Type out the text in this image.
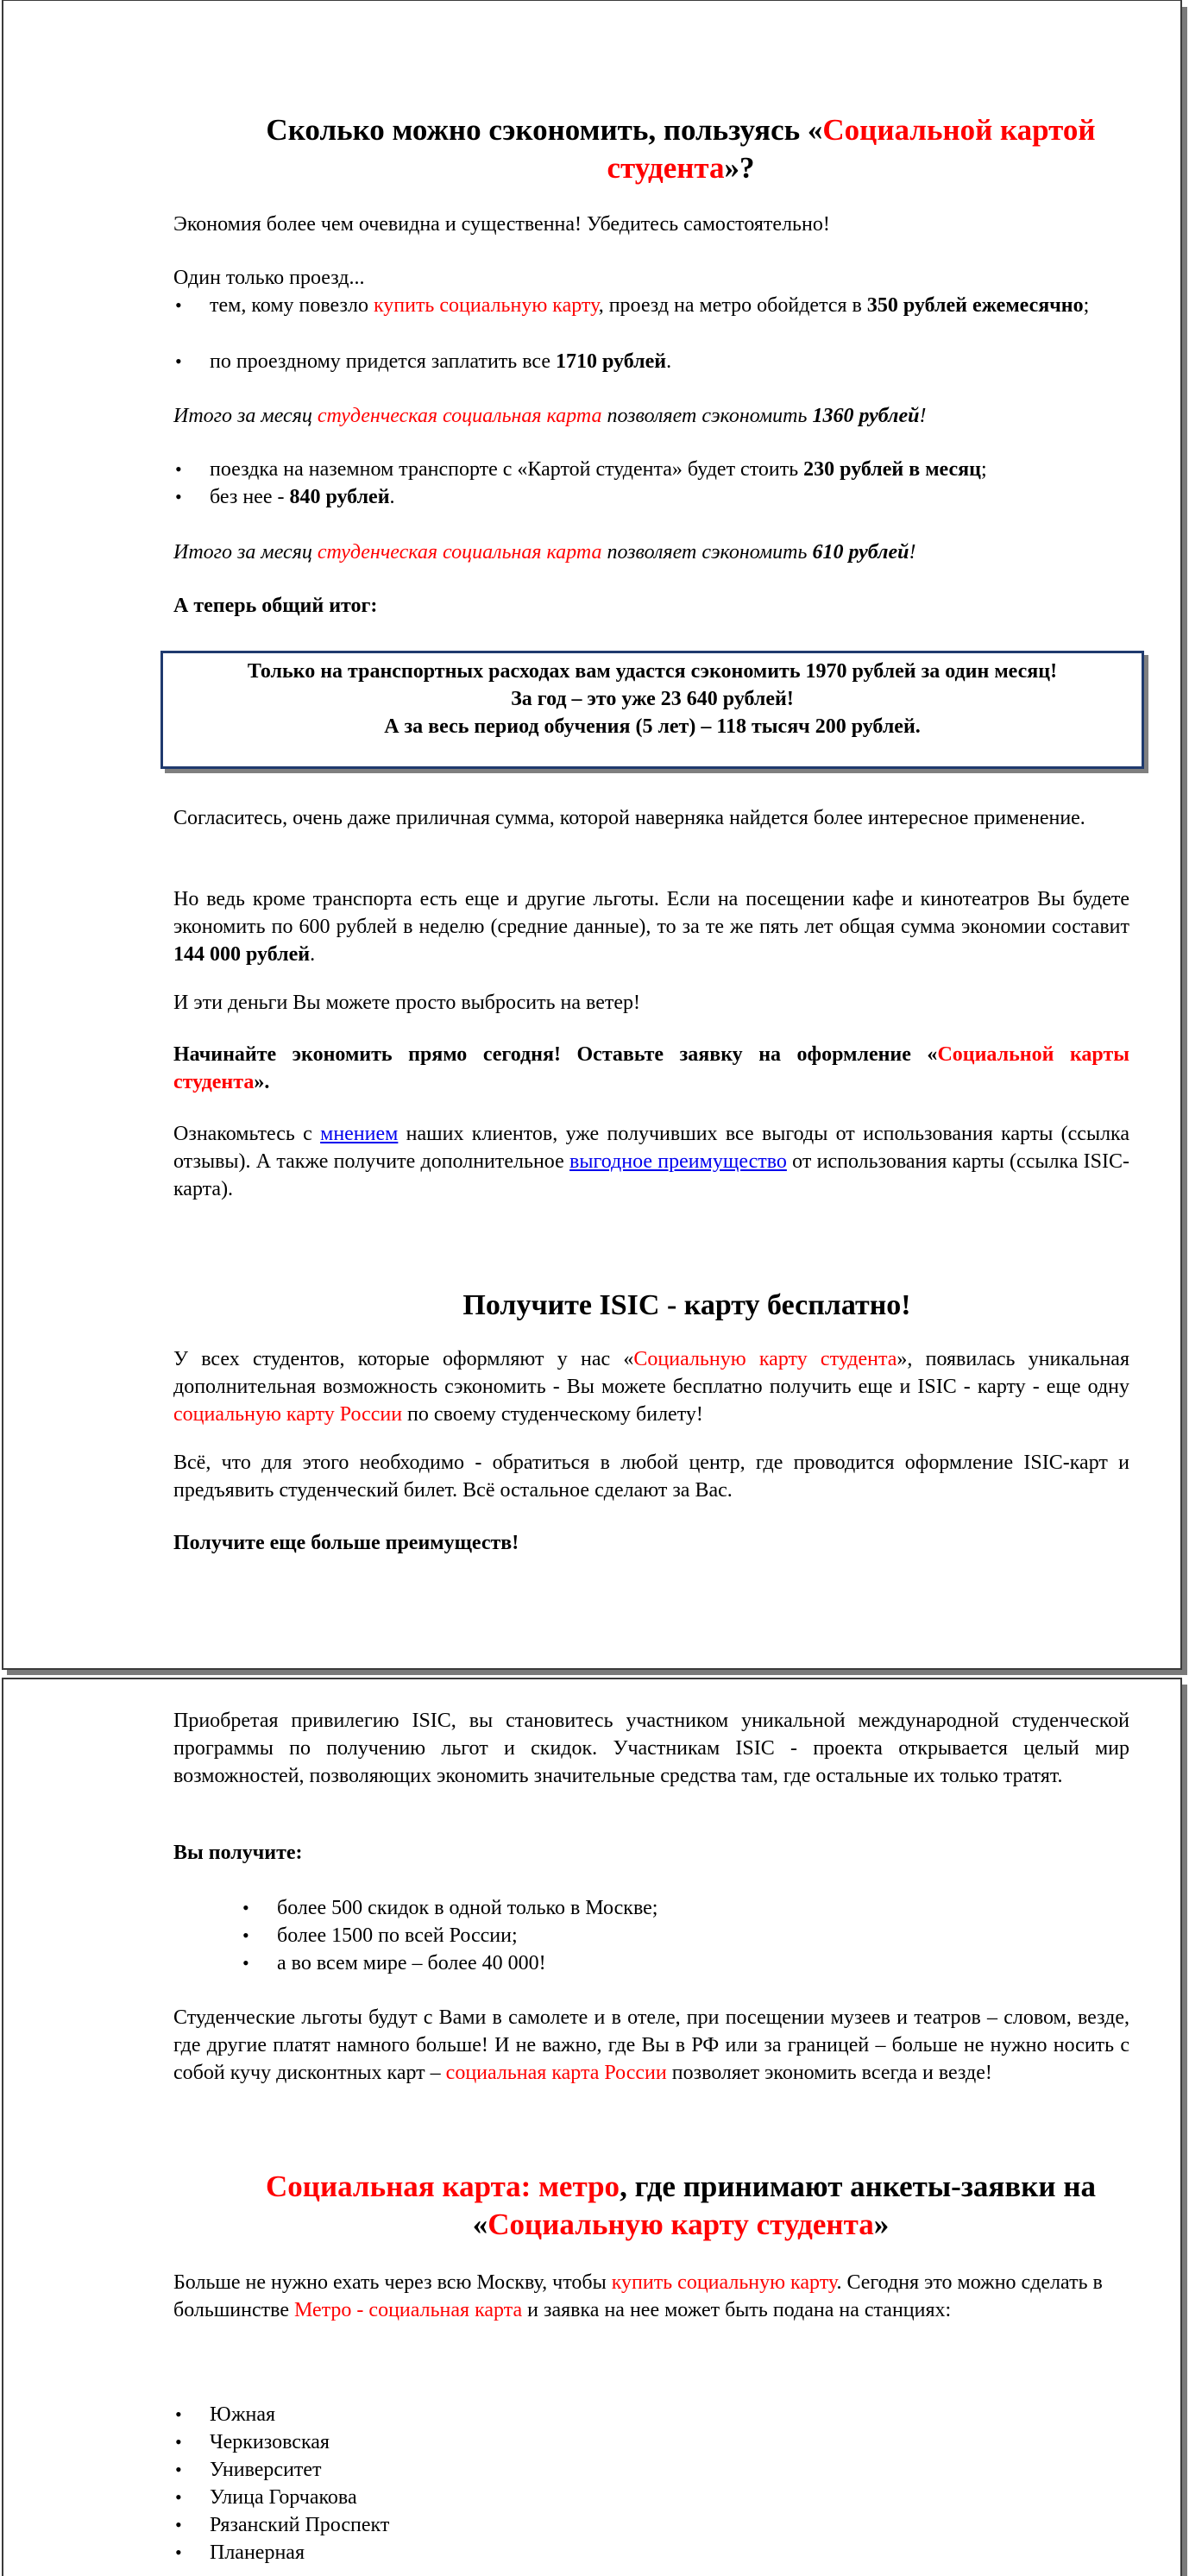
Сколько можно сэкономить, пользуясь «Социальной картой студента»?

Экономия более чем очевидна и существенна! Убедитесь самостоятельно!

Один только проезд...

• тем, кому повезло купить социальную карту, проезд на метро обойдется в 350 рублей ежемесячно;
• по проездному придется заплатить все 1710 рублей.

Итого за месяц студенческая социальная карта позволяет сэкономить 1360 рублей!

• поездка на наземном транспорте с «Картой студента» будет стоить 230 рублей в месяц;
• без нее - 840 рублей.

Итого за месяц студенческая социальная карта позволяет сэкономить 610 рублей!

А теперь общий итог:

Только на транспортных расходах вам удастся сэкономить 1970 рублей за один месяц!
За год – это уже 23 640 рублей!
А за весь период обучения (5 лет) – 118 тысяч 200 рублей.

Согласитесь, очень даже приличная сумма, которой наверняка найдется более интересное применение.

Но ведь кроме транспорта есть еще и другие льготы. Если на посещении кафе и кинотеатров Вы будете экономить по 600 рублей в неделю (средние данные), то за те же пять лет общая сумма экономии составит 144 000 рублей.

И эти деньги Вы можете просто выбросить на ветер!

Начинайте экономить прямо сегодня! Оставьте заявку на оформление «Социальной карты студента».

Ознакомьтесь с мнением наших клиентов, уже получивших все выгоды от использования карты (ссылка отзывы). А также получите дополнительное выгодное преимущество от использования карты (ссылка ISIC-карта).

Получите ISIC - карту бесплатно!

У всех студентов, которые оформляют у нас «Социальную карту студента», появилась уникальная дополнительная возможность сэкономить - Вы можете бесплатно получить еще и ISIC - карту - еще одну социальную карту России по своему студенческому билету!

Всё, что для этого необходимо - обратиться в любой центр, где проводится оформление ISIC-карт и предъявить студенческий билет. Всё остальное сделают за Вас.

Получите еще больше преимуществ!

Приобретая привилегию ISIC, вы становитесь участником уникальной международной студенческой программы по получению льгот и скидок. Участникам ISIC - проекта открывается целый мир возможностей, позволяющих экономить значительные средства там, где остальные их только тратят.

Вы получите:

• более 500 скидок в одной только в Москве;
• более 1500 по всей России;
• а во всем мире – более 40 000!

Студенческие льготы будут с Вами в самолете и в отеле, при посещении музеев и театров – словом, везде, где другие платят намного больше! И не важно, где Вы в РФ или за границей – больше не нужно носить с собой кучу дисконтных карт – социальная карта России позволяет экономить всегда и везде!

Социальная карта: метро, где принимают анкеты-заявки на «Социальную карту студента»

Больше не нужно ехать через всю Москву, чтобы купить социальную карту. Сегодня это можно сделать в большинстве Метро - социальная карта и заявка на нее может быть подана на станциях:

• Южная
• Черкизовская
• Университет
• Улица Горчакова
• Рязанский Проспект
• Планерная
